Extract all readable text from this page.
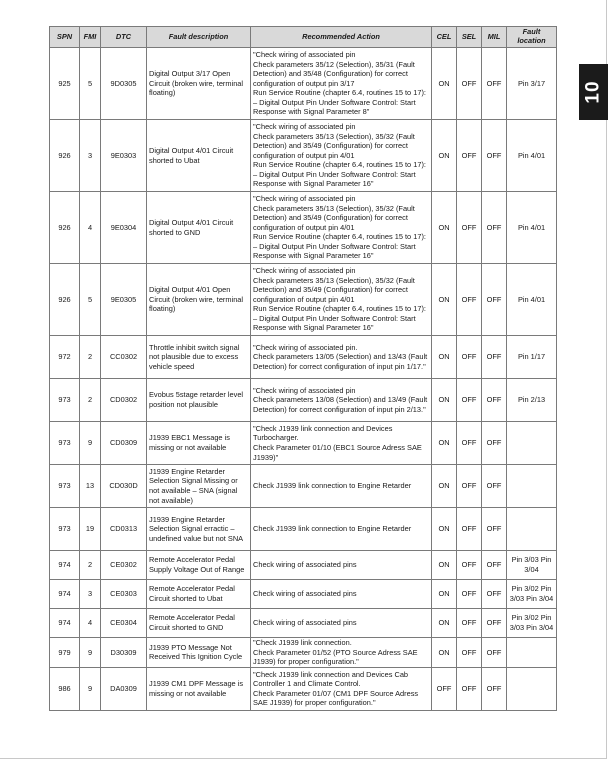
10
SPN	FMI	DTC	Fault description	Recommended Action	CEL	SEL	MIL	Fault
location
925	5	9D0305	Digital Output 3/17 Open Circuit (broken wire, terminal floating)	"Check wiring of associated pin
Check parameters 35/12 (Selection), 35/31 (Fault Detection) and 35/48 (Configuration) for correct configuration of output pin 3/17
Run Service Routine (chapter 6.4, routines 15 to 17): – Digital Output Pin Under Software Control: Start Response with Signal Parameter 8"	ON	OFF	OFF	Pin 3/17
926	3	9E0303	Digital Output 4/01 Circuit shorted to Ubat	"Check wiring of associated pin
Check parameters 35/13 (Selection), 35/32 (Fault Detection) and 35/49 (Configuration) for correct configuration of output pin 4/01
Run Service Routine (chapter 6.4, routines 15 to 17): – Digital Output Pin Under Software Control: Start Response with Signal Parameter 16"	ON	OFF	OFF	Pin 4/01
926	4	9E0304	Digital Output 4/01 Circuit shorted to GND	"Check wiring of associated pin
Check parameters 35/13 (Selection), 35/32 (Fault Detection) and 35/49 (Configuration) for correct configuration of output pin 4/01
Run Service Routine (chapter 6.4, routines 15 to 17): – Digital Output Pin Under Software Control: Start Response with Signal Parameter 16"	ON	OFF	OFF	Pin 4/01
926	5	9E0305	Digital Output 4/01 Open Circuit (broken wire, terminal floating)	"Check wiring of associated pin
Check parameters 35/13 (Selection), 35/32 (Fault Detection) and 35/49 (Configuration) for correct configuration of output pin 4/01
Run Service Routine (chapter 6.4, routines 15 to 17): – Digital Output Pin Under Software Control: Start Response with Signal Parameter 16"	ON	OFF	OFF	Pin 4/01
972	2	CC0302	Throttle inhibit switch signal not plausible due to excess vehicle speed	"Check wiring of associated pin.
Check parameters 13/05 (Selection) and 13/43 (Fault Detection) for correct configuration of input pin 1/17."	ON	OFF	OFF	Pin 1/17
973	2	CD0302	Evobus 5stage retarder level position not plausible	"Check wiring of associated pin
Check parameters 13/08 (Selection) and 13/49 (Fault Detection) for correct configuration of input pin 2/13."	ON	OFF	OFF	Pin 2/13
973	9	CD0309	J1939 EBC1 Message is missing or not available	"Check J1939 link connection and Devices Turbocharger.
Check Parameter 01/10 (EBC1 Source Adress SAE J1939)"	ON	OFF	OFF	
973	13	CD030D	J1939 Engine Retarder Selection Signal Missing or not available – SNA (signal not available)	Check J1939 link connection to Engine Retarder	ON	OFF	OFF	
973	19	CD0313	J1939 Engine Retarder Selection Signal erractic – undefined value but not SNA	Check J1939 link connection to Engine Retarder	ON	OFF	OFF	
974	2	CE0302	Remote Accelerator Pedal Supply Voltage Out of Range	Check wiring of associated pins	ON	OFF	OFF	Pin 3/03 Pin 3/04
974	3	CE0303	Remote Accelerator Pedal Circuit shorted to Ubat	Check wiring of associated pins	ON	OFF	OFF	Pin 3/02 Pin 3/03 Pin 3/04
974	4	CE0304	Remote Accelerator Pedal Circuit shorted to GND	Check wiring of associated pins	ON	OFF	OFF	Pin 3/02 Pin 3/03 Pin 3/04
979	9	D30309	J1939 PTO Message Not Received This Ignition Cycle	"Check J1939 link connection.
Check Parameter 01/52 (PTO Source Adress SAE J1939) for proper configuration."	ON	OFF	OFF	
986	9	DA0309	J1939 CM1 DPF Message is missing or not available	"Check J1939 link connection and Devices Cab Controller 1 and Climate Control.
Check Parameter 01/07 (CM1 DPF Source Adress SAE J1939) for proper configuration."	OFF	OFF	OFF	
